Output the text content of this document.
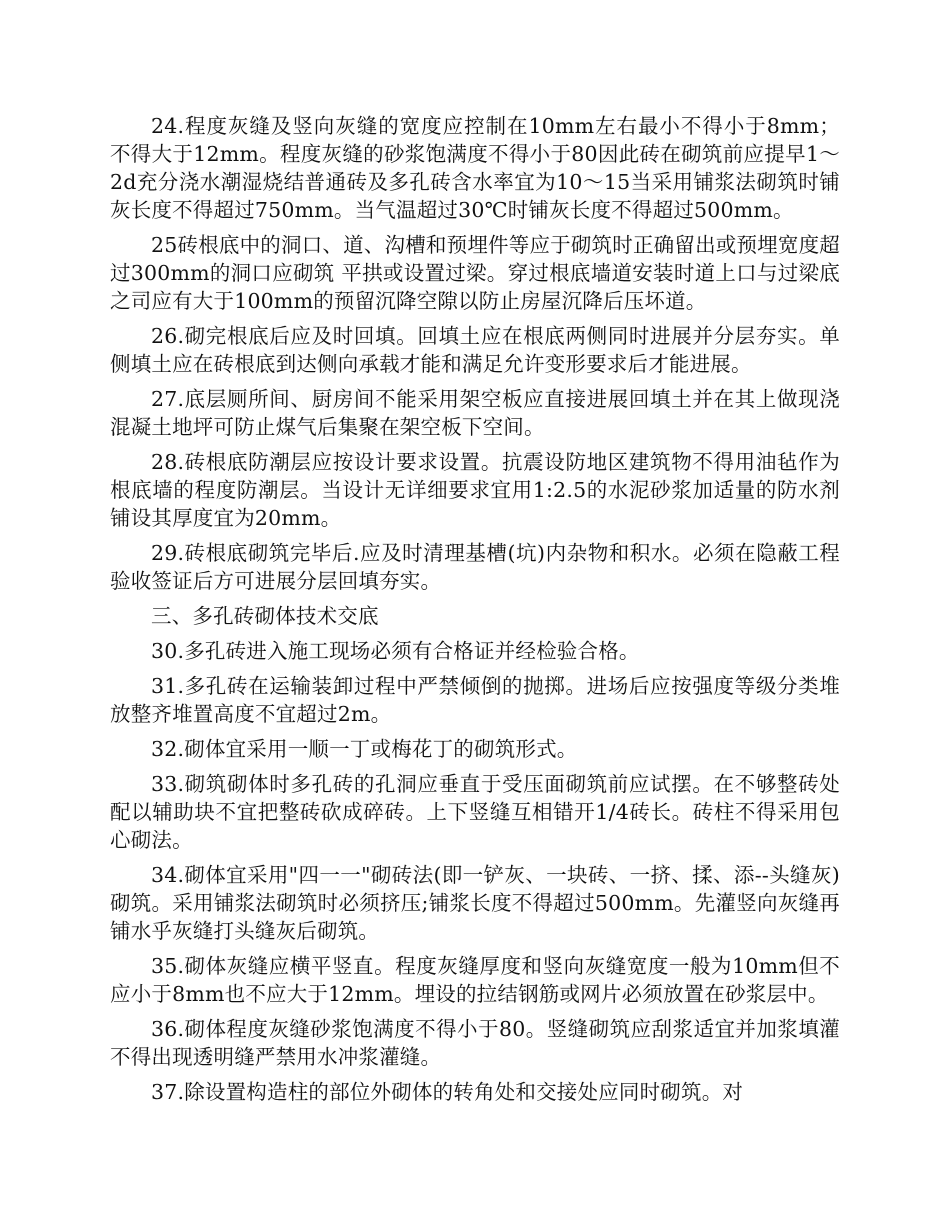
24.程度灰缝及竖向灰缝的宽度应控制在10mm左右最小不得小于8mm；不得大于12mm。程度灰缝的砂浆饱满度不得小于80因此砖在砌筑前应提早1～2d充分浇水潮湿烧结普通砖及多孔砖含水率宜为10～15当采用铺浆法砌筑时铺灰长度不得超过750mm。当气温超过30℃时铺灰长度不得超过500mm。

25砖根底中的洞口、道、沟槽和预埋件等应于砌筑时正确留出或预埋宽度超过300mm的洞口应砌筑 平拱或设置过梁。穿过根底墙道安装时道上口与过梁底之司应有大于100mm的预留沉降空隙以防止房屋沉降后压坏道。

26.砌完根底后应及时回填。回填土应在根底两侧同时进展并分层夯实。单侧填土应在砖根底到达侧向承载才能和满足允许变形要求后才能进展。

27.底层厕所间、厨房间不能采用架空板应直接进展回填土并在其上做现浇混凝土地坪可防止煤气后集聚在架空板下空间。

28.砖根底防潮层应按设计要求设置。抗震设防地区建筑物不得用油毡作为根底墙的程度防潮层。当设计无详细要求宜用1:2.5的水泥砂浆加适量的防水剂铺设其厚度宜为20mm。

29.砖根底砌筑完毕后.应及时清理基槽(坑)内杂物和积水。必须在隐蔽工程验收签证后方可进展分层回填夯实。

三、多孔砖砌体技术交底

30.多孔砖进入施工现场必须有合格证并经检验合格。

31.多孔砖在运输装卸过程中严禁倾倒的抛掷。进场后应按强度等级分类堆放整齐堆置高度不宜超过2m。

32.砌体宜采用一顺一丁或梅花丁的砌筑形式。

33.砌筑砌体时多孔砖的孔洞应垂直于受压面砌筑前应试摆。在不够整砖处配以辅助块不宜把整砖砍成碎砖。上下竖缝互相错开1/4砖长。砖柱不得采用包心砌法。

34.砌体宜采用"四一一"砌砖法(即一铲灰、一块砖、一挤、揉、添--头缝灰)砌筑。采用铺浆法砌筑时必须挤压;铺浆长度不得超过500mm。先灌竖向灰缝再铺水乎灰缝打头缝灰后砌筑。

35.砌体灰缝应横平竖直。程度灰缝厚度和竖向灰缝宽度一般为10mm但不应小于8mm也不应大于12mm。埋设的拉结钢筋或网片必须放置在砂浆层中。

36.砌体程度灰缝砂浆饱满度不得小于80。竖缝砌筑应刮浆适宜并加浆填灌不得出现透明缝严禁用水冲浆灌缝。

37.除设置构造柱的部位外砌体的转角处和交接处应同时砌筑。对
